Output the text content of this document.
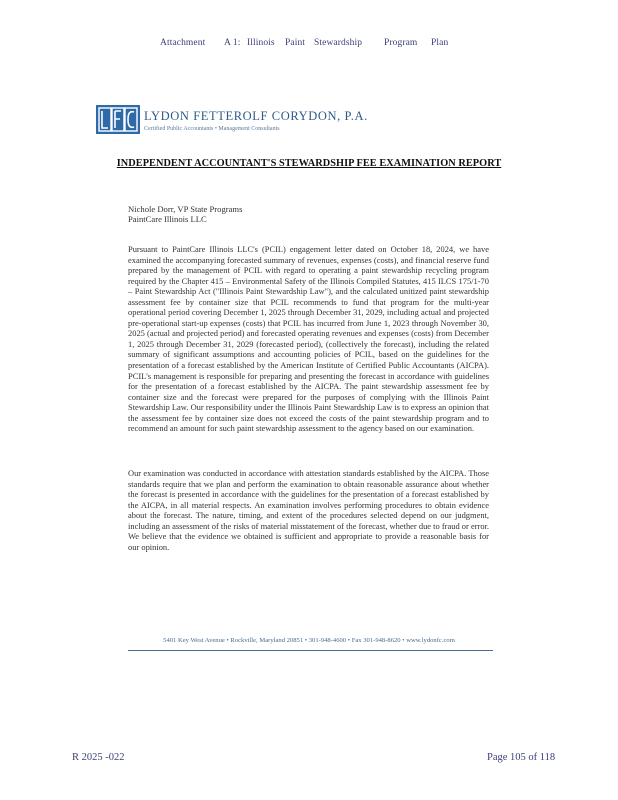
Attachment A 1: Illinois Paint Stewardship Program Plan
LYDON FETTEROLF CORYDON, P.A.
Certified Public Accountants • Management Consultants
INDEPENDENT ACCOUNTANT'S STEWARDSHIP FEE EXAMINATION REPORT
Nichole Dorr, VP State Programs
PaintCare Illinois LLC

Pursuant to PaintCare Illinois LLC's (PCIL) engagement letter dated on October 18, 2024, we have examined the accompanying forecasted summary of revenues, expenses (costs), and financial reserve fund prepared by the management of PCIL with regard to operating a paint stewardship recycling program required by the Chapter 415 – Environmental Safety of the Illinois Compiled Statutes, 415 ILCS 175/1-70 – Paint Stewardship Act ("Illinois Paint Stewardship Law"), and the calculated unitized paint stewardship assessment fee by container size that PCIL recommends to fund that program for the multi-year operational period covering December 1, 2025 through December 31, 2029, including actual and projected pre-operational start-up expenses (costs) that PCIL has incurred from June 1, 2023 through November 30, 2025 (actual and projected period) and forecasted operating revenues and expenses (costs) from December 1, 2025 through December 31, 2029 (forecasted period), (collectively the forecast), including the related summary of significant assumptions and accounting policies of PCIL, based on the guidelines for the presentation of a forecast established by the American Institute of Certified Public Accountants (AICPA). PCIL's management is responsible for preparing and presenting the forecast in accordance with guidelines for the presentation of a forecast established by the AICPA. The paint stewardship assessment fee by container size and the forecast were prepared for the purposes of complying with the Illinois Paint Stewardship Law. Our responsibility under the Illinois Paint Stewardship Law is to express an opinion that the assessment fee by container size does not exceed the costs of the paint stewardship program and to recommend an amount for such paint stewardship assessment to the agency based on our examination.

Our examination was conducted in accordance with attestation standards established by the AICPA. Those standards require that we plan and perform the examination to obtain reasonable assurance about whether the forecast is presented in accordance with the guidelines for the presentation of a forecast established by the AICPA, in all material respects. An examination involves performing procedures to obtain evidence about the forecast. The nature, timing, and extent of the procedures selected depend on our judgment, including an assessment of the risks of material misstatement of the forecast, whether due to fraud or error. We believe that the evidence we obtained is sufficient and appropriate to provide a reasonable basis for our opinion.

5401 Key West Avenue • Rockville, Maryland 20851 • 301-948-4600 • Fax 301-948-8620 • www.lydonfc.com
R 2025 -022	Page 105 of 118
